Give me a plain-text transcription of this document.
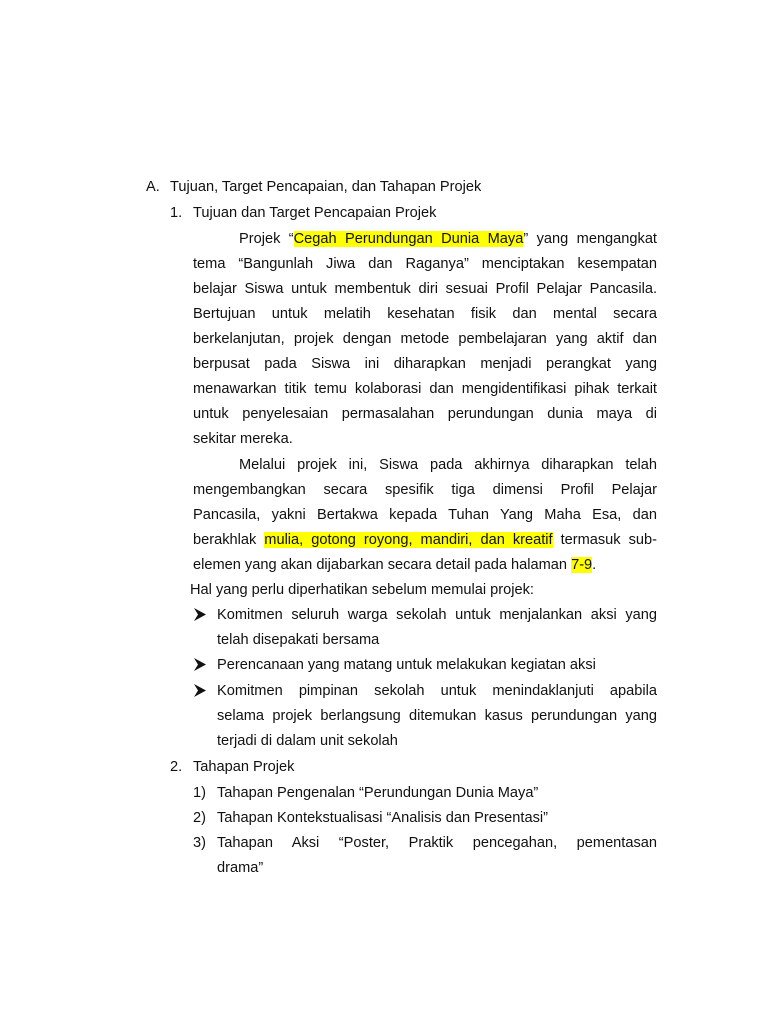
A. Tujuan, Target Pencapaian, dan Tahapan Projek
1. Tujuan dan Target Pencapaian Projek
Projek “Cegah Perundungan Dunia Maya” yang mengangkat
tema “Bangunlah Jiwa dan Raganya” menciptakan kesempatan
belajar Siswa untuk membentuk diri sesuai Profil Pelajar Pancasila.
Bertujuan untuk melatih kesehatan fisik dan mental secara
berkelanjutan, projek dengan metode pembelajaran yang aktif dan
berpusat pada Siswa ini diharapkan menjadi perangkat yang
menawarkan titik temu kolaborasi dan mengidentifikasi pihak terkait
untuk penyelesaian permasalahan perundungan dunia maya di
sekitar mereka.
Melalui projek ini, Siswa pada akhirnya diharapkan telah
mengembangkan secara spesifik tiga dimensi Profil Pelajar
Pancasila, yakni Bertakwa kepada Tuhan Yang Maha Esa, dan
berakhlak mulia, gotong royong, mandiri, dan kreatif termasuk sub-
elemen yang akan dijabarkan secara detail pada halaman 7-9.
Hal yang perlu diperhatikan sebelum memulai projek:
Komitmen seluruh warga sekolah untuk menjalankan aksi yang
telah disepakati bersama
Perencanaan yang matang untuk melakukan kegiatan aksi
Komitmen pimpinan sekolah untuk menindaklanjuti apabila
selama projek berlangsung ditemukan kasus perundungan yang
terjadi di dalam unit sekolah
2. Tahapan Projek
1) Tahapan Pengenalan “Perundungan Dunia Maya”
2) Tahapan Kontekstualisasi “Analisis dan Presentasi”
3) Tahapan Aksi “Poster, Praktik pencegahan, pementasan
drama”
